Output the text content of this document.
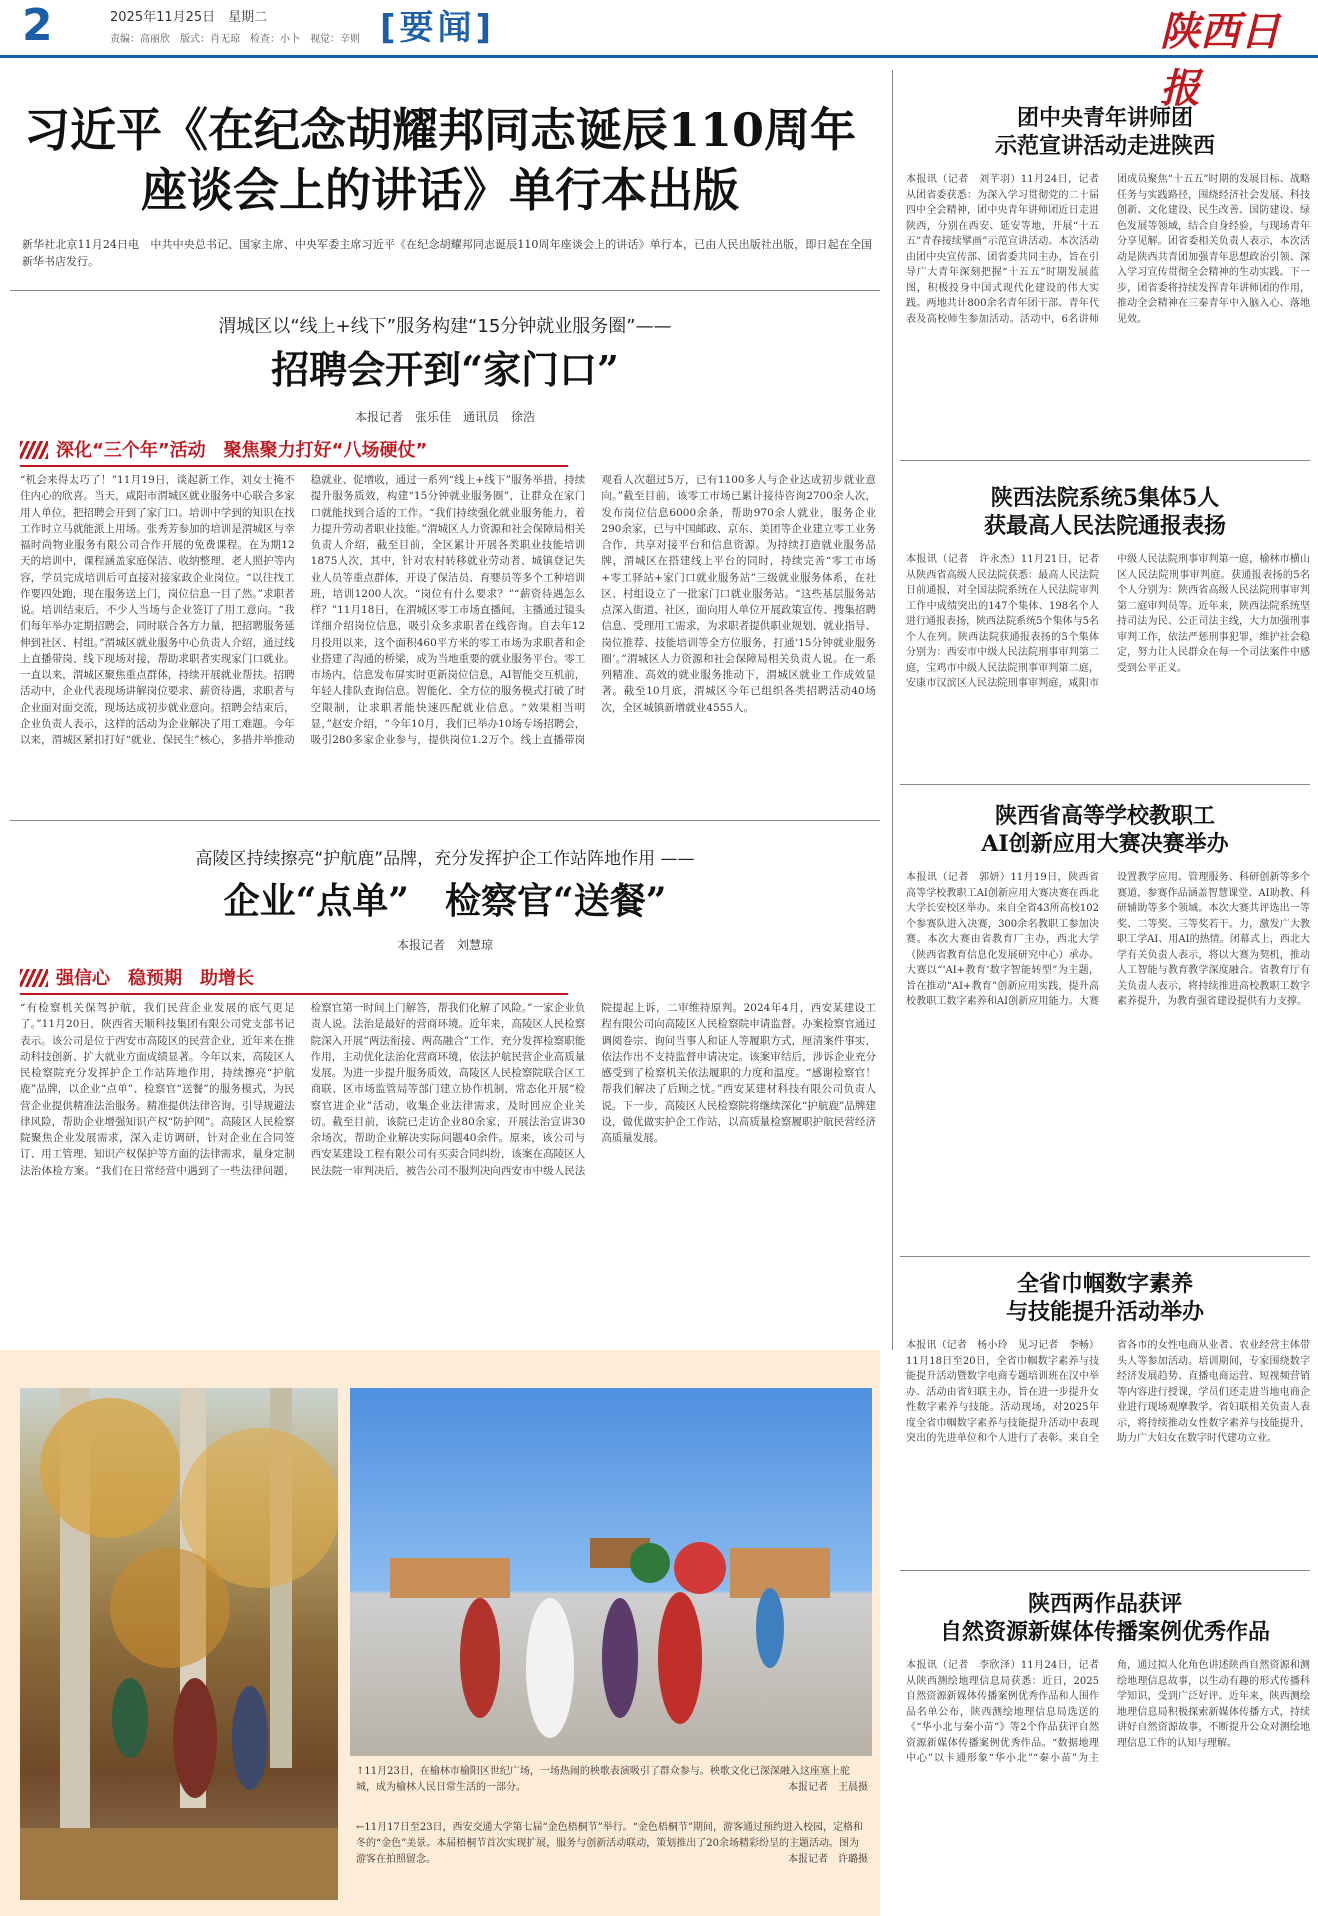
2	2025年11月25日　星期二
责编：高丽欣　版式：肖无琼　检查：小卜　视觉：辛则 [要闻]	陕西日报
习近平《在纪念胡耀邦同志诞辰110周年
座谈会上的讲话》单行本出版
新华社北京11月24日电　中共中央总书记、国家主席、中央军委主席习近平《在纪念胡耀邦同志诞辰110周年座谈会上的讲话》单行本，已由人民出版社出版，即日起在全国新华书店发行。
渭城区以“线上+线下”服务构建“15分钟就业服务圈”——
招聘会开到“家门口”
本报记者　张乐佳　通讯员　徐浩
深化“三个年”活动　聚焦聚力打好“八场硬仗”
“机会来得太巧了！”11月19日，谈起新工作，刘女士掩不住内心的欣喜。当天，咸阳市渭城区就业服务中心联合多家用人单位，把招聘会开到了家门口。培训中学到的知识在找工作时立马就能派上用场。张秀芳参加的培训是渭城区与幸福时尚物业服务有限公司合作开展的免费课程。在为期12天的培训中，课程涵盖家庭保洁、收纳整理、老人照护等内容，学员完成培训后可直接对接家政企业岗位。“以往找工作要四处跑，现在服务送上门，岗位信息一目了然。”求职者说。培训结束后，不少人当场与企业签订了用工意向。“我们每年举办定期招聘会，同时联合各方力量，把招聘服务延伸到社区、村组。”渭城区就业服务中心负责人介绍，通过线上直播带岗、线下现场对接，帮助求职者实现家门口就业。一直以来，渭城区聚焦重点群体，持续开展就业帮扶。招聘活动中，企业代表现场讲解岗位要求、薪资待遇，求职者与企业面对面交流，现场达成初步就业意向。招聘会结束后，企业负责人表示，这样的活动为企业解决了用工难题。今年以来，渭城区紧扣打好“就业、保民生”核心，多措并举推动稳就业、促增收，通过一系列“线上+线下”服务举措，持续提升服务质效，构建“15分钟就业服务圈”，让群众在家门口就能找到合适的工作。“我们持续强化就业服务能力，着力提升劳动者职业技能。”渭城区人力资源和社会保障局相关负责人介绍，截至目前，全区累计开展各类职业技能培训1875人次，其中，针对农村转移就业劳动者、城镇登记失业人员等重点群体，开设了保洁员、育婴员等多个工种培训班，培训1200人次。“岗位有什么要求？”“薪资待遇怎么样？”11月18日，在渭城区零工市场直播间，主播通过镜头详细介绍岗位信息，吸引众多求职者在线咨询。自去年12月投用以来，这个面积460平方米的零工市场为求职者和企业搭建了沟通的桥梁，成为当地重要的就业服务平台。零工市场内，信息发布屏实时更新岗位信息，AI智能交互机前，年轻人排队查询信息。智能化、全方位的服务模式打破了时空限制，让求职者能快速匹配就业信息。“效果相当明显，”赵安介绍，“今年10月，我们已举办10场专场招聘会，吸引280多家企业参与，提供岗位1.2万个。线上直播带岗观看人次超过5万，已有1100多人与企业达成初步就业意向。”截至目前，该零工市场已累计接待咨询2700余人次，发布岗位信息6000余条，帮助970余人就业，服务企业290余家，已与中国邮政、京东、美团等企业建立零工业务合作，共享对接平台和信息资源。为持续打造就业服务品牌，渭城区在搭建线上平台的同时，持续完善“零工市场+零工驿站+家门口就业服务站”三级就业服务体系，在社区、村组设立了一批家门口就业服务站。“这些基层服务站点深入街道、社区，面向用人单位开展政策宣传、搜集招聘信息、受理用工需求，为求职者提供职业规划、就业指导、岗位推荐、技能培训等全方位服务，打通‘15分钟就业服务圈’。”渭城区人力资源和社会保障局相关负责人说。在一系列精准、高效的就业服务推动下，渭城区就业工作成效显著。截至10月底，渭城区今年已组织各类招聘活动40场次，全区城镇新增就业4555人。
高陵区持续擦亮“护航鹿”品牌，充分发挥护企工作站阵地作用 ——
企业“点单”　检察官“送餐”
本报记者　刘慧琼
强信心　稳预期　助增长
“有检察机关保驾护航，我们民营企业发展的底气更足了。”11月20日，陕西省天顺科技集团有限公司党支部书记表示。该公司是位于西安市高陵区的民营企业，近年来在推动科技创新、扩大就业方面成绩显著。今年以来，高陵区人民检察院充分发挥护企工作站阵地作用，持续擦亮“护航鹿”品牌，以企业“点单”、检察官“送餐”的服务模式，为民营企业提供精准法治服务。精准提供法律咨询，引导规避法律风险，帮助企业增强知识产权“防护网”。高陵区人民检察院聚焦企业发展需求，深入走访调研，针对企业在合同签订、用工管理、知识产权保护等方面的法律需求，量身定制法治体检方案。“我们在日常经营中遇到了一些法律问题，检察官第一时间上门解答，帮我们化解了风险。”一家企业负责人说。法治是最好的营商环境。近年来，高陵区人民检察院深入开展“两法衔接、两高融合”工作，充分发挥检察职能作用，主动优化法治化营商环境，依法护航民营企业高质量发展。为进一步提升服务质效，高陵区人民检察院联合区工商联、区市场监管局等部门建立协作机制，常态化开展“检察官进企业”活动，收集企业法律需求，及时回应企业关切。截至目前，该院已走访企业80余家，开展法治宣讲30余场次，帮助企业解决实际问题40余件。原来，该公司与西安某建设工程有限公司有买卖合同纠纷，该案在高陵区人民法院一审判决后，被告公司不服判决向西安市中级人民法院提起上诉，二审维持原判。2024年4月，西安某建设工程有限公司向高陵区人民检察院申请监督。办案检察官通过调阅卷宗、询问当事人和证人等履职方式，厘清案件事实，依法作出不支持监督申请决定。该案审结后，涉诉企业充分感受到了检察机关依法履职的力度和温度。“感谢检察官！帮我们解决了后顾之忧。”西安某建材科技有限公司负责人说。下一步，高陵区人民检察院将继续深化“护航鹿”品牌建设，做优做实护企工作站，以高质量检察履职护航民营经济高质量发展。
↑11月23日，在榆林市榆阳区世纪广场，一场热闹的秧歌表演吸引了群众参与。秧歌文化已深深融入这座塞上驼城，成为榆林人民日常生活的一部分。	本报记者　王晨摄
←11月17日至23日，西安交通大学第七届“金色梧桐节”举行。“金色梧桐节”期间，游客通过预约进入校园，定格和冬的“金色”美景。本届梧桐节首次实现扩展，服务与创新活动联动，策划推出了20余场精彩纷呈的主题活动。图为游客在拍照留念。	本报记者　许璐摄
团中央青年讲师团
示范宣讲活动走进陕西
本报讯（记者　刘芊羽）11月24日，记者从团省委获悉：为深入学习贯彻党的二十届四中全会精神，团中央青年讲师团近日走进陕西，分别在西安、延安等地，开展“十五五”青春接续擘画”示范宣讲活动。本次活动由团中央宣传部、团省委共同主办，旨在引导广大青年深刻把握“十五五”时期发展蓝图，积极投身中国式现代化建设的伟大实践。两地共计800余名青年团干部、青年代表及高校师生参加活动。活动中，6名讲师团成员聚焦“十五五”时期的发展目标、战略任务与实践路径，围绕经济社会发展、科技创新、文化建设、民生改善、国防建设、绿色发展等领域，结合自身经验，与现场青年分享见解。团省委相关负责人表示，本次活动是陕西共青团加强青年思想政治引领、深入学习宣传贯彻全会精神的生动实践。下一步，团省委将持续发挥青年讲师团的作用，推动全会精神在三秦青年中入脑入心、落地见效。
陕西法院系统5集体5人
获最高人民法院通报表扬
本报讯（记者　许永杰）11月21日，记者从陕西省高级人民法院获悉：最高人民法院日前通报，对全国法院系统在人民法院审判工作中成绩突出的147个集体、198名个人进行通报表扬，陕西法院系统5个集体与5名个人在列。陕西法院获通报表扬的5个集体分别为：西安市中级人民法院刑事审判第二庭，宝鸡市中级人民法院刑事审判第二庭，安康市汉滨区人民法院刑事审判庭，咸阳市中级人民法院刑事审判第一庭，榆林市横山区人民法院刑事审判庭。获通报表扬的5名个人分别为：陕西省高级人民法院刑事审判第二庭审判员等。近年来，陕西法院系统坚持司法为民、公正司法主线，大力加强刑事审判工作，依法严惩刑事犯罪，维护社会稳定，努力让人民群众在每一个司法案件中感受到公平正义。
陕西省高等学校教职工
AI创新应用大赛决赛举办
本报讯（记者　郭妍）11月19日，陕西省高等学校教职工AI创新应用大赛决赛在西北大学长安校区举办。来自全省43所高校102个参赛队进入决赛，300余名教职工参加决赛。本次大赛由省教育厂主办，西北大学（陕西省教育信息化发展研究中心）承办。大赛以“‘AI+教育’数字智能转型”为主题，旨在推动“AI+教育”创新应用实践，提升高校教职工数字素养和AI创新应用能力。大赛设置教学应用、管理服务、科研创新等多个赛道，参赛作品涵盖智慧课堂、AI助教、科研辅助等多个领域。本次大赛共评选出一等奖、二等奖、三等奖若干。力，激发广大教职工学AI、用AI的热情。闭幕式上，西北大学有关负责人表示，将以大赛为契机，推动人工智能与教育教学深度融合。省教育厅有关负责人表示，将持续推进高校教职工数字素养提升，为教育强省建设提供有力支撑。
全省巾帼数字素养
与技能提升活动举办
本报讯（记者　杨小玲　见习记者　李畅）11月18日至20日，全省巾帼数字素养与技能提升活动暨数字电商专题培训班在汉中举办。活动由省妇联主办，旨在进一步提升女性数字素养与技能。活动现场，对2025年度全省巾帼数字素养与技能提升活动中表现突出的先进单位和个人进行了表彰。来自全省各市的女性电商从业者、农业经营主体带头人等参加活动。培训期间，专家围绕数字经济发展趋势、直播电商运营、短视频营销等内容进行授课，学员们还走进当地电商企业进行现场观摩教学。省妇联相关负责人表示，将持续推动女性数字素养与技能提升，助力广大妇女在数字时代建功立业。
陕西两作品获评
自然资源新媒体传播案例优秀作品
本报讯（记者　李欣泽）11月24日，记者从陕西测绘地理信息局获悉：近日，2025自然资源新媒体传播案例优秀作品和人围作品名单公布，陕西测绘地理信息局选送的《“华小北与秦小苗”》等2个作品获评自然资源新媒体传播案例优秀作品。“数据地理中心”以卡通形象“华小北”“秦小苗”为主角，通过拟人化角色讲述陕西自然资源和测绘地理信息故事，以生动有趣的形式传播科学知识，受到广泛好评。近年来，陕西测绘地理信息局积极探索新媒体传播方式，持续讲好自然资源故事，不断提升公众对测绘地理信息工作的认知与理解。
